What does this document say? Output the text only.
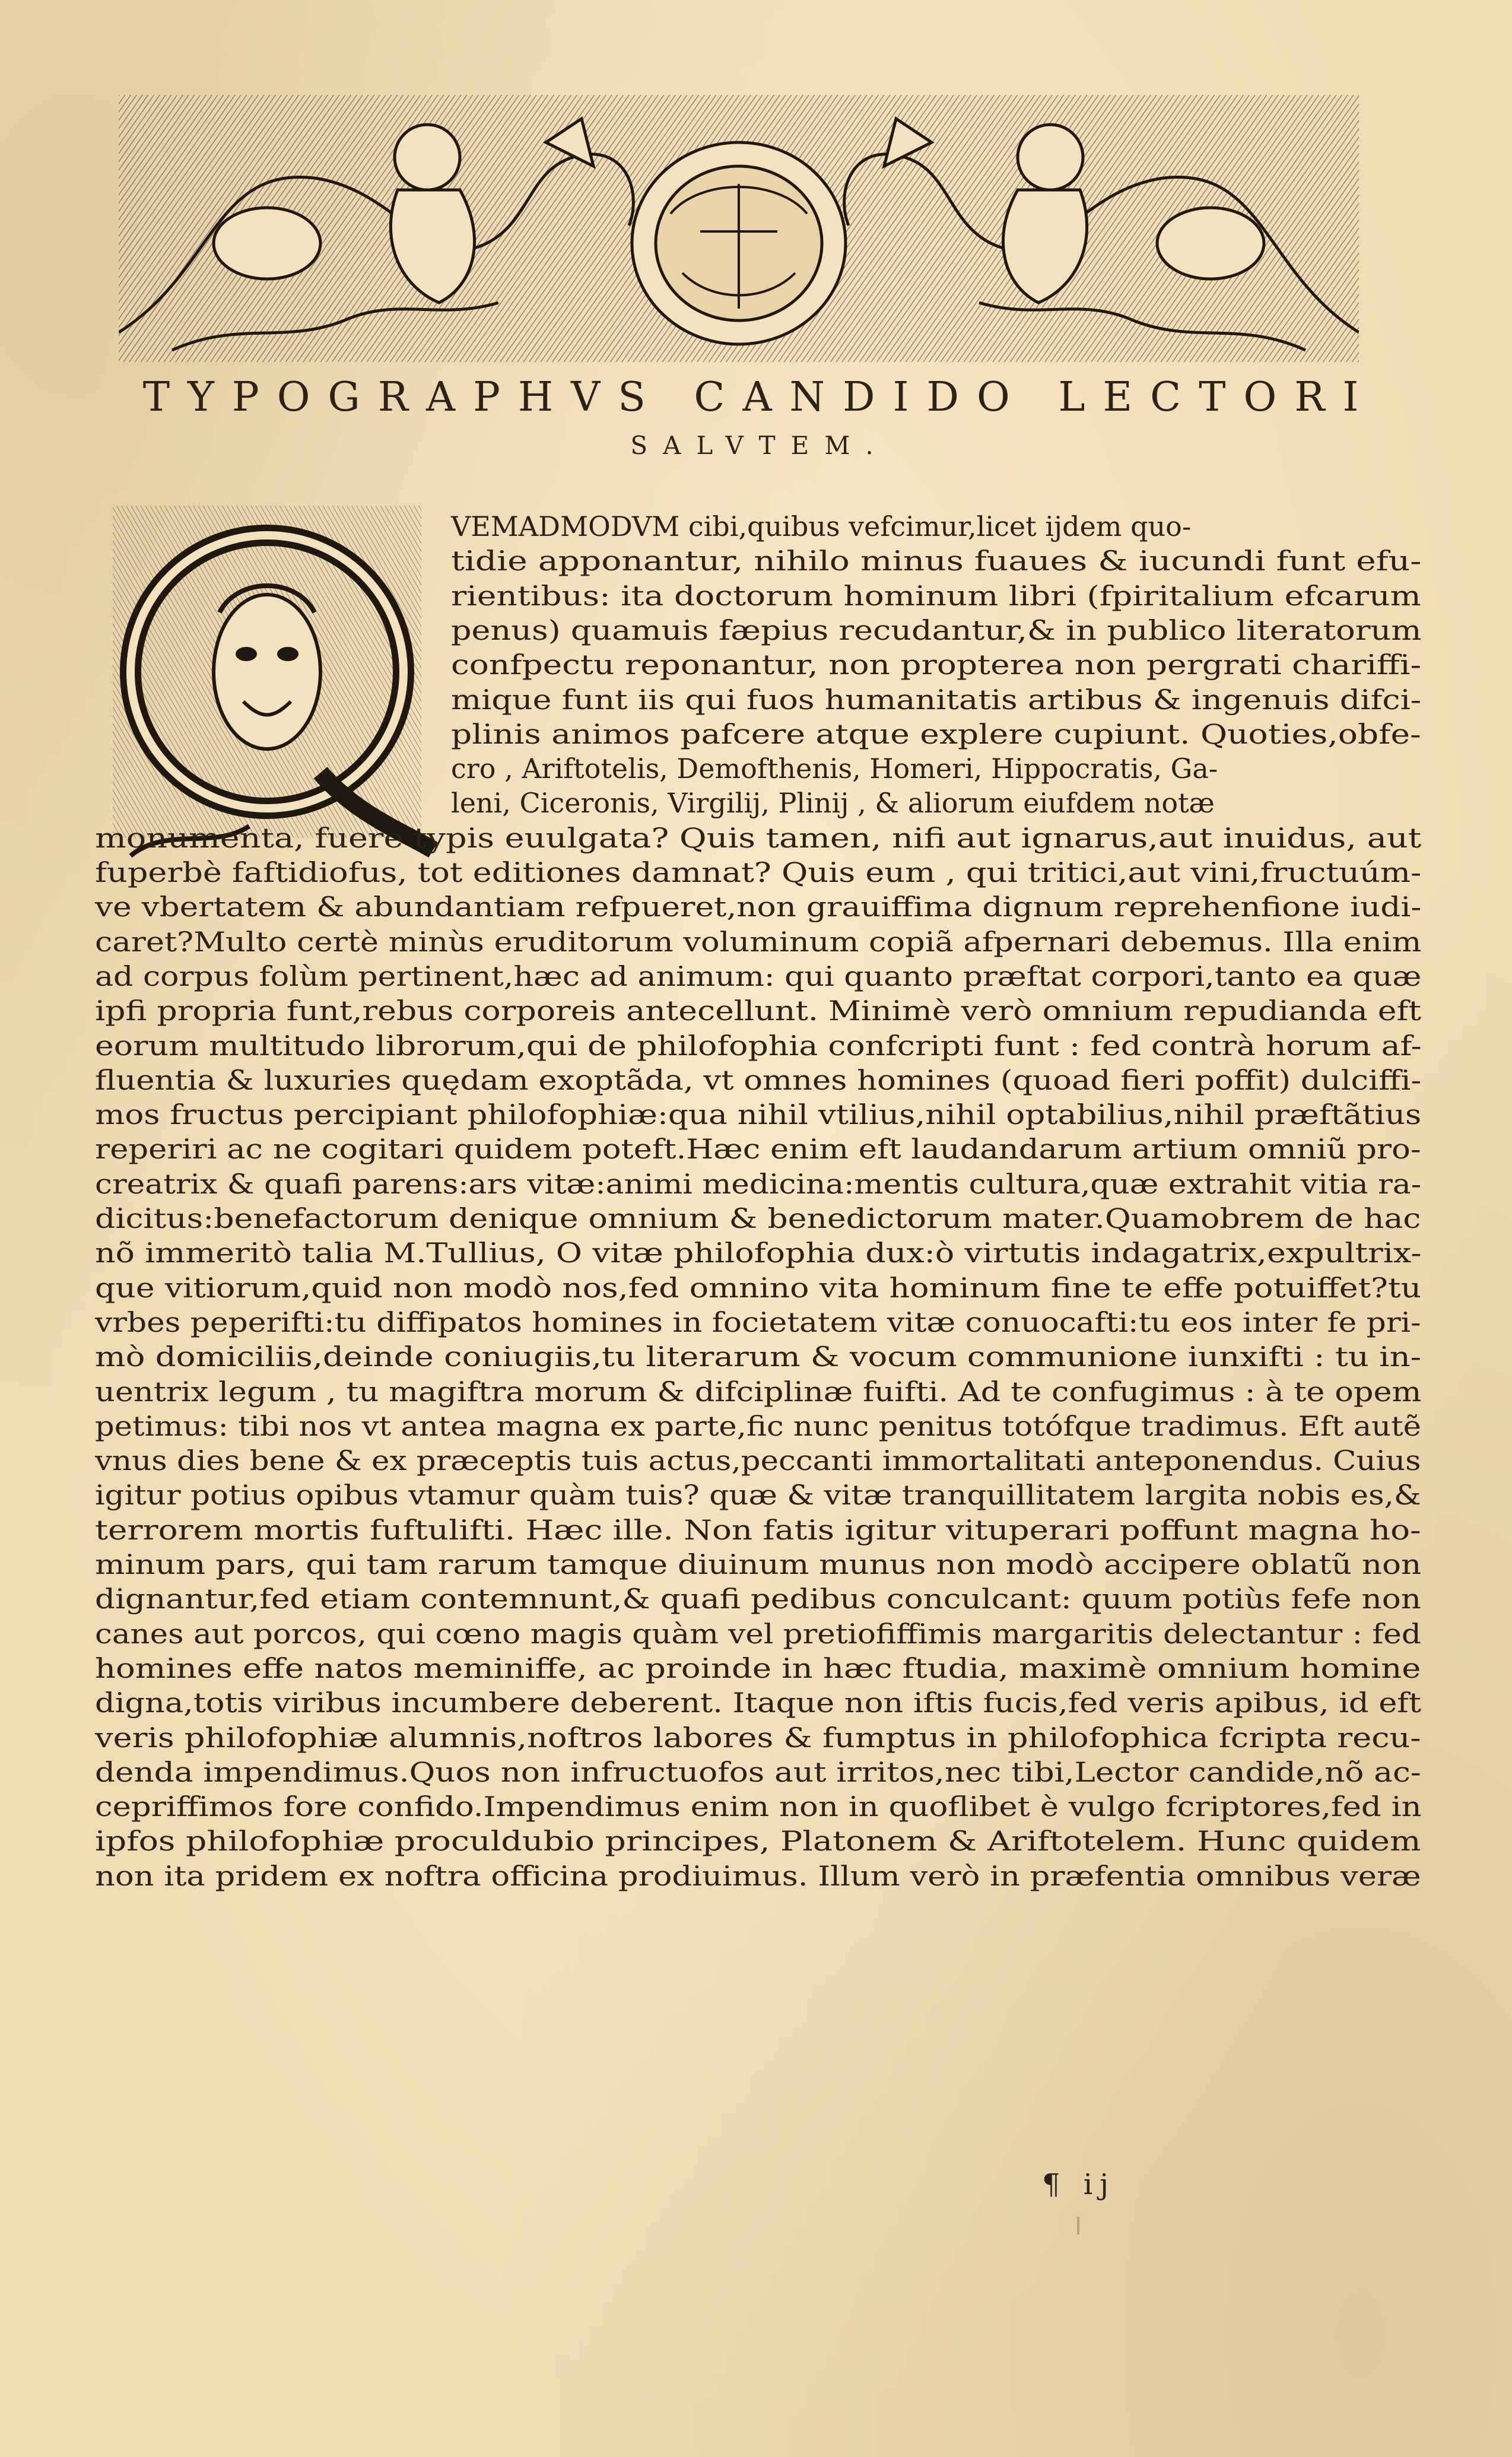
TYPOGRAPHVS CANDIDO LECTORI
SALVTEM.
VEMADMODVM cibi,quibus vefcimur,licet ijdem quo-
tidie apponantur, nihilo minus fuaues & iucundi funt efu-
rientibus: ita doctorum hominum libri (fpiritalium efcarum
penus) quamuis fæpius recudantur,& in publico literatorum
confpectu reponantur, non propterea non pergrati chariffi-
mique funt iis qui fuos humanitatis artibus & ingenuis difci-
plinis animos pafcere atque explere cupiunt. Quoties,obfe-
cro , Ariftotelis, Demofthenis, Homeri, Hippocratis, Ga-
leni, Ciceronis, Virgilij, Plinij , & aliorum eiufdem notæ
monumenta, fuere typis euulgata? Quis tamen, nifi aut ignarus,aut inuidus, aut
fuperbè faftidiofus, tot editiones damnat? Quis eum , qui tritici,aut vini,fructuúm-
ve vbertatem & abundantiam refpueret,non grauiffima dignum reprehenfione iudi-
caret?Multo certè minùs eruditorum voluminum copiã afpernari debemus. Illa enim
ad corpus folùm pertinent,hæc ad animum: qui quanto præftat corpori,tanto ea quæ
ipfi propria funt,rebus corporeis antecellunt. Minimè verò omnium repudianda eft
eorum multitudo librorum,qui de philofophia confcripti funt : fed contrà horum af-
fluentia & luxuries quędam exoptãda, vt omnes homines (quoad fieri poffit) dulciffi-
mos fructus percipiant philofophiæ:qua nihil vtilius,nihil optabilius,nihil præftãtius
reperiri ac ne cogitari quidem poteft.Hæc enim eft laudandarum artium omniũ pro-
creatrix & quafi parens:ars vitæ:animi medicina:mentis cultura,quæ extrahit vitia ra-
dicitus:benefactorum denique omnium & benedictorum mater.Quamobrem de hac
nõ immeritò talia M.Tullius, O vitæ philofophia dux:ò virtutis indagatrix,expultrix-
que vitiorum,quid non modò nos,fed omnino vita hominum fine te effe potuiffet?tu
vrbes peperifti:tu diffipatos homines in focietatem vitæ conuocafti:tu eos inter fe pri-
mò domiciliis,deinde coniugiis,tu literarum & vocum communione iunxifti : tu in-
uentrix legum , tu magiftra morum & difciplinæ fuifti. Ad te confugimus : à te opem
petimus: tibi nos vt antea magna ex parte,fic nunc penitus totófque tradimus. Eft autẽ
vnus dies bene & ex præceptis tuis actus,peccanti immortalitati anteponendus. Cuius
igitur potius opibus vtamur quàm tuis? quæ & vitæ tranquillitatem largita nobis es,&
terrorem mortis fuftulifti. Hæc ille. Non fatis igitur vituperari poffunt magna ho-
minum pars, qui tam rarum tamque diuinum munus non modò accipere oblatũ non
dignantur,fed etiam contemnunt,& quafi pedibus conculcant: quum potiùs fefe non
canes aut porcos, qui cœno magis quàm vel pretiofiffimis margaritis delectantur : fed
homines effe natos meminiffe, ac proinde in hæc ftudia, maximè omnium homine
digna,totis viribus incumbere deberent. Itaque non iftis fucis,fed veris apibus, id eft
veris philofophiæ alumnis,noftros labores & fumptus in philofophica fcripta recu-
denda impendimus.Quos non infructuofos aut irritos,nec tibi,Lector candide,nõ ac-
cepriffimos fore confido.Impendimus enim non in quoflibet è vulgo fcriptores,fed in
ipfos philofophiæ proculdubio principes, Platonem & Ariftotelem. Hunc quidem
non ita pridem ex noftra officina prodiuimus. Illum verò in præfentia omnibus veræ
¶ ij
